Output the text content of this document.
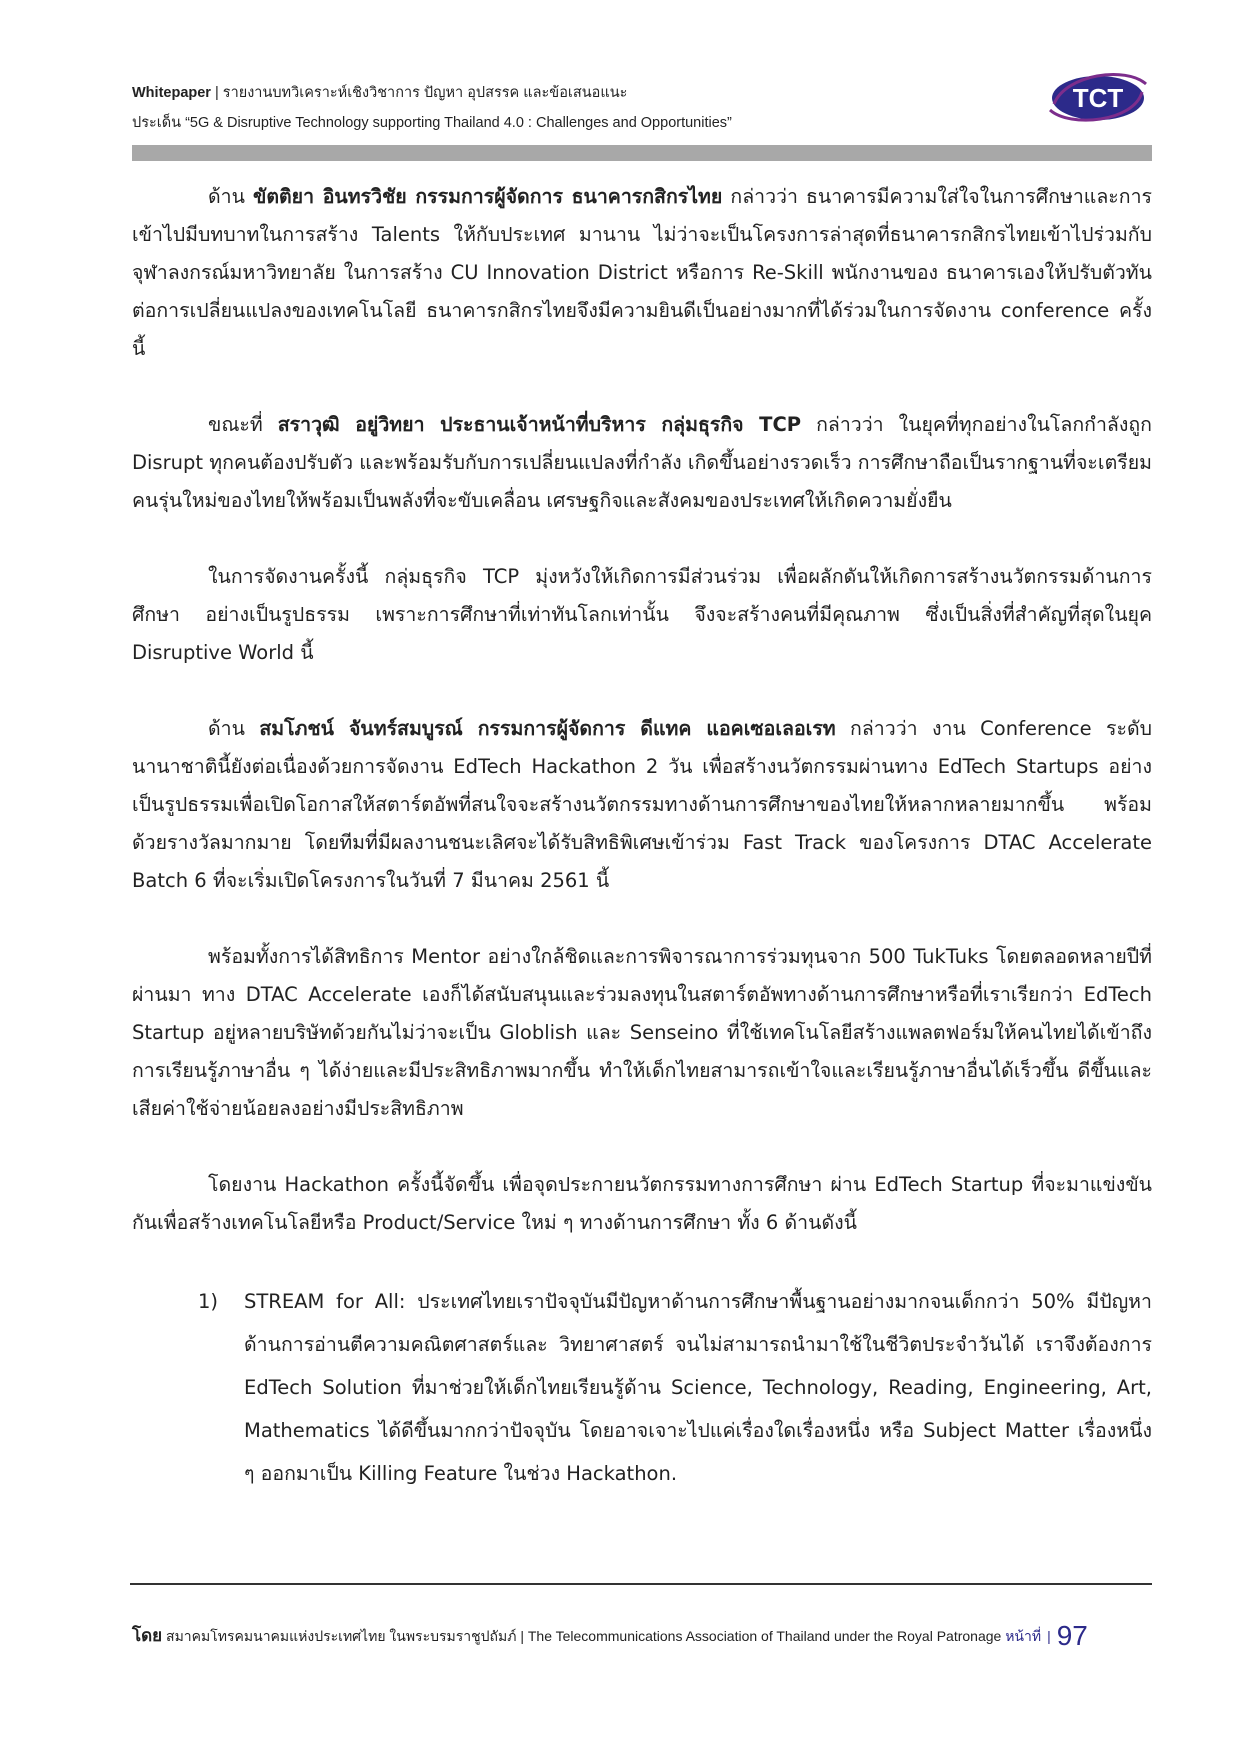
Whitepaper | รายงานบทวิเคราะห์เชิงวิชาการ ปัญหา อุปสรรค และข้อเสนอแนะ
ประเด็น “5G & Disruptive Technology supporting Thailand 4.0 : Challenges and Opportunities”
TCT

ด้าน ขัตติยา อินทรวิชัย กรรมการผู้จัดการ ธนาคารกสิกรไทย กล่าวว่า ธนาคารมีความใส่ใจในการศึกษาและการเข้าไปมีบทบาทในการสร้าง Talents ให้กับประเทศ มานาน ไม่ว่าจะเป็นโครงการล่าสุดที่ธนาคารกสิกรไทยเข้าไปร่วมกับจุฬาลงกรณ์มหาวิทยาลัย ในการสร้าง CU Innovation District หรือการ Re-Skill พนักงานของ ธนาคารเองให้ปรับตัวทันต่อการเปลี่ยนแปลงของเทคโนโลยี ธนาคารกสิกรไทยจึงมีความยินดีเป็นอย่างมากที่ได้ร่วมในการจัดงาน conference ครั้งนี้

ขณะที่ สราวุฒิ อยู่วิทยา ประธานเจ้าหน้าที่บริหาร กลุ่มธุรกิจ TCP กล่าวว่า ในยุคที่ทุกอย่างในโลกกำลังถูก Disrupt ทุกคนต้องปรับตัว และพร้อมรับกับการเปลี่ยนแปลงที่กำลัง เกิดขึ้นอย่างรวดเร็ว การศึกษาถือเป็นรากฐานที่จะเตรียมคนรุ่นใหม่ของไทยให้พร้อมเป็นพลังที่จะขับเคลื่อน เศรษฐกิจและสังคมของประเทศให้เกิดความยั่งยืน

ในการจัดงานครั้งนี้ กลุ่มธุรกิจ TCP มุ่งหวังให้เกิดการมีส่วนร่วม เพื่อผลักดันให้เกิดการสร้างนวัตกรรมด้านการศึกษา อย่างเป็นรูปธรรม เพราะการศึกษาที่เท่าทันโลกเท่านั้น จึงจะสร้างคนที่มีคุณภาพ ซึ่งเป็นสิ่งที่สำคัญที่สุดในยุค Disruptive World นี้

ด้าน สมโภชน์ จันทร์สมบูรณ์ กรรมการผู้จัดการ ดีแทค แอคเซอเลอเรท กล่าวว่า งาน Conference ระดับนานาชาตินี้ยังต่อเนื่องด้วยการจัดงาน EdTech Hackathon 2 วัน เพื่อสร้างนวัตกรรมผ่านทาง EdTech Startups อย่างเป็นรูปธรรมเพื่อเปิดโอกาสให้สตาร์ตอัพที่สนใจจะสร้างนวัตกรรมทางด้านการศึกษาของไทยให้หลากหลายมากขึ้น พร้อมด้วยรางวัลมากมาย โดยทีมที่มีผลงานชนะเลิศจะได้รับสิทธิพิเศษเข้าร่วม Fast Track ของโครงการ DTAC Accelerate Batch 6 ที่จะเริ่มเปิดโครงการในวันที่ 7 มีนาคม 2561 นี้

พร้อมทั้งการได้สิทธิการ Mentor อย่างใกล้ชิดและการพิจารณาการร่วมทุนจาก 500 TukTuks โดยตลอดหลายปีที่ผ่านมา ทาง DTAC Accelerate เองก็ได้สนับสนุนและร่วมลงทุนในสตาร์ตอัพทางด้านการศึกษาหรือที่เราเรียกว่า EdTech Startup อยู่หลายบริษัทด้วยกันไม่ว่าจะเป็น Globlish และ Senseino ที่ใช้เทคโนโลยีสร้างแพลตฟอร์มให้คนไทยได้เข้าถึงการเรียนรู้ภาษาอื่น ๆ ได้ง่ายและมีประสิทธิภาพมากขึ้น ทำให้เด็กไทยสามารถเข้าใจและเรียนรู้ภาษาอื่นได้เร็วขึ้น ดีขึ้นและเสียค่าใช้จ่ายน้อยลงอย่างมีประสิทธิภาพ

โดยงาน Hackathon ครั้งนี้จัดขึ้น เพื่อจุดประกายนวัตกรรมทางการศึกษา ผ่าน EdTech Startup ที่จะมาแข่งขันกันเพื่อสร้างเทคโนโลยีหรือ Product/Service ใหม่ ๆ ทางด้านการศึกษา ทั้ง 6 ด้านดังนี้

1) STREAM for All: ประเทศไทยเราปัจจุบันมีปัญหาด้านการศึกษาพื้นฐานอย่างมากจนเด็กกว่า 50% มีปัญหาด้านการอ่านตีความคณิตศาสตร์และ วิทยาศาสตร์ จนไม่สามารถนำมาใช้ในชีวิตประจำวันได้ เราจึงต้องการ EdTech Solution ที่มาช่วยให้เด็กไทยเรียนรู้ด้าน Science, Technology, Reading, Engineering, Art, Mathematics ได้ดีขึ้นมากกว่าปัจจุบัน โดยอาจเจาะไปแค่เรื่องใดเรื่องหนึ่ง หรือ Subject Matter เรื่องหนึ่ง ๆ ออกมาเป็น Killing Feature ในช่วง Hackathon.
โดย สมาคมโทรคมนาคมแห่งประเทศไทย ในพระบรมราชูปถัมภ์ | The Telecommunications Association of Thailand under the Royal Patronage หน้าที่ | 97
